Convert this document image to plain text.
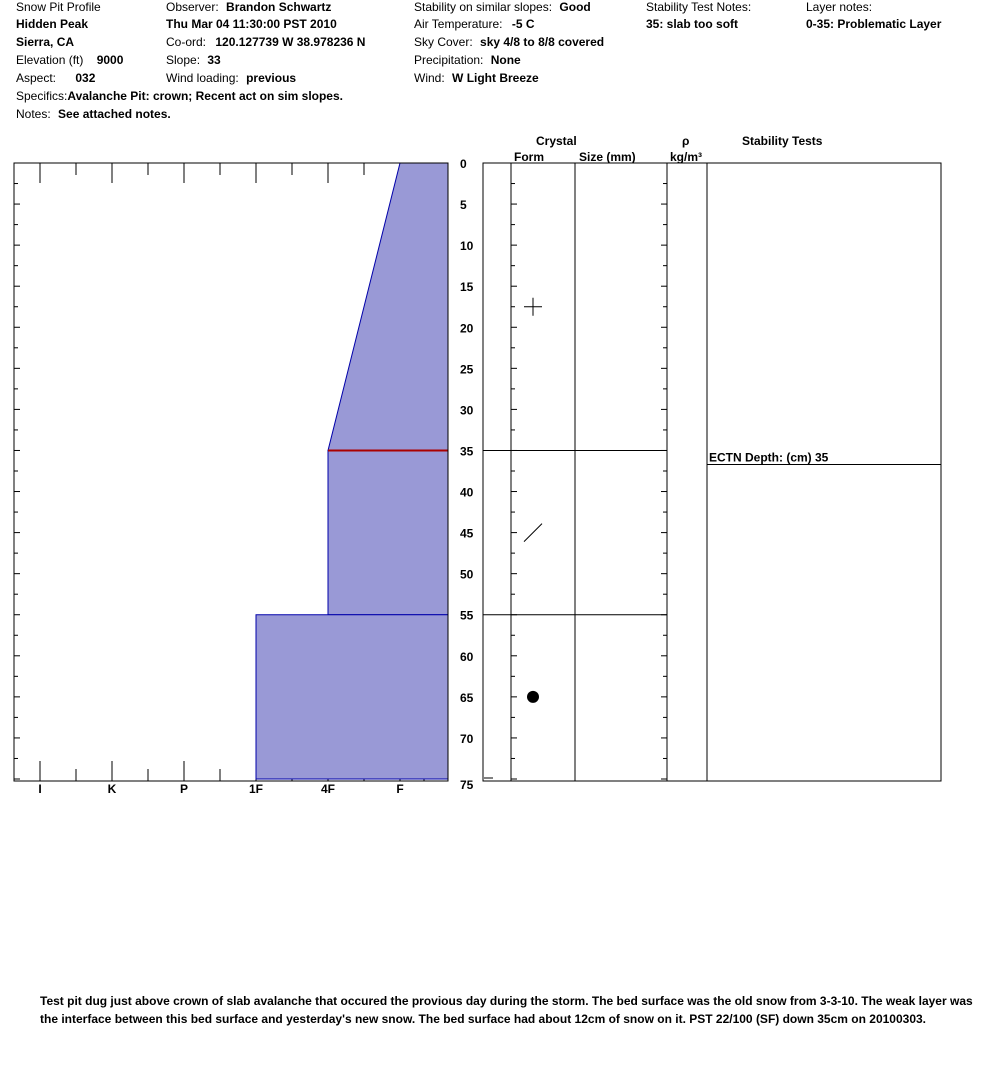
Snow Pit Profile
Hidden Peak
Sierra, CA
Elevation (ft) 9000
Aspect: 032
Specifics:Avalanche Pit: crown; Recent act on sim slopes.
Notes: See attached notes.
Observer: Brandon Schwartz
Thu Mar 04 11:30:00 PST 2010
Co-ord: 120.127739 W 38.978236 N
Slope: 33
Wind loading: previous
Stability on similar slopes: Good
Air Temperature: -5 C
Sky Cover: sky 4/8 to 8/8 covered
Precipitation: None
Wind: W Light Breeze
Stability Test Notes:
35: slab too soft
Layer notes:
0-35: Problematic Layer
Crystal
Form	Size (mm)
ρ
kg/m³
Stability Tests
0
5
10
15
20
25
30
35
40
45
50
55
60
65
70
75
I	K	P	1F	4F	F
ECTN Depth: (cm) 35
Test pit dug just above crown of slab avalanche that occured the provious day during the storm. The bed surface was the old snow from 3-3-10. The weak layer was the interface between this bed surface and yesterday's new snow. The bed surface had about 12cm of snow on it. PST 22/100 (SF) down 35cm on 20100303.
